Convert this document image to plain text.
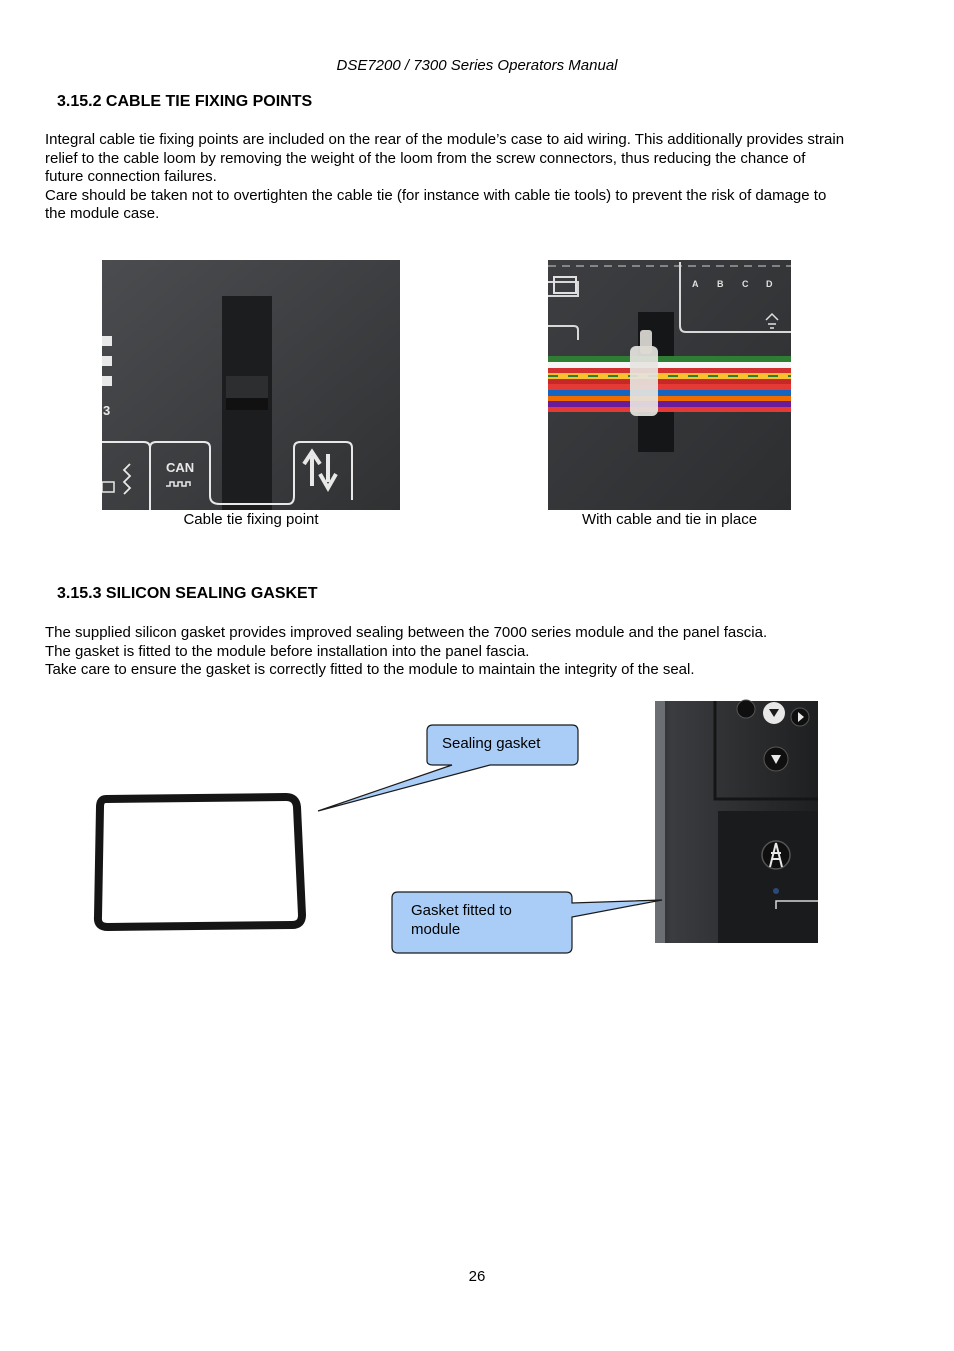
DSE7200 / 7300 Series Operators Manual
3.15.2 CABLE TIE FIXING POINTS

Integral cable tie fixing points are included on the rear of the module’s case to aid wiring. This additionally provides strain relief to the cable loom by removing the weight of the loom from the screw connectors, thus reducing the chance of future connection failures.

Care should be taken not to overtighten the cable tie (for instance with cable tie tools) to prevent the risk of damage to the module case.

CAN
3
Cable tie fixing point
A B C D
With cable and tie in place
3.15.3 SILICON SEALING GASKET

The supplied silicon gasket provides improved sealing between the 7000 series module and the panel fascia.

The gasket is fitted to the module before installation into the panel fascia.

Take care to ensure the gasket is correctly fitted to the module to maintain the integrity of the seal.

Sealing gasket
Gasket fitted to
module
26
